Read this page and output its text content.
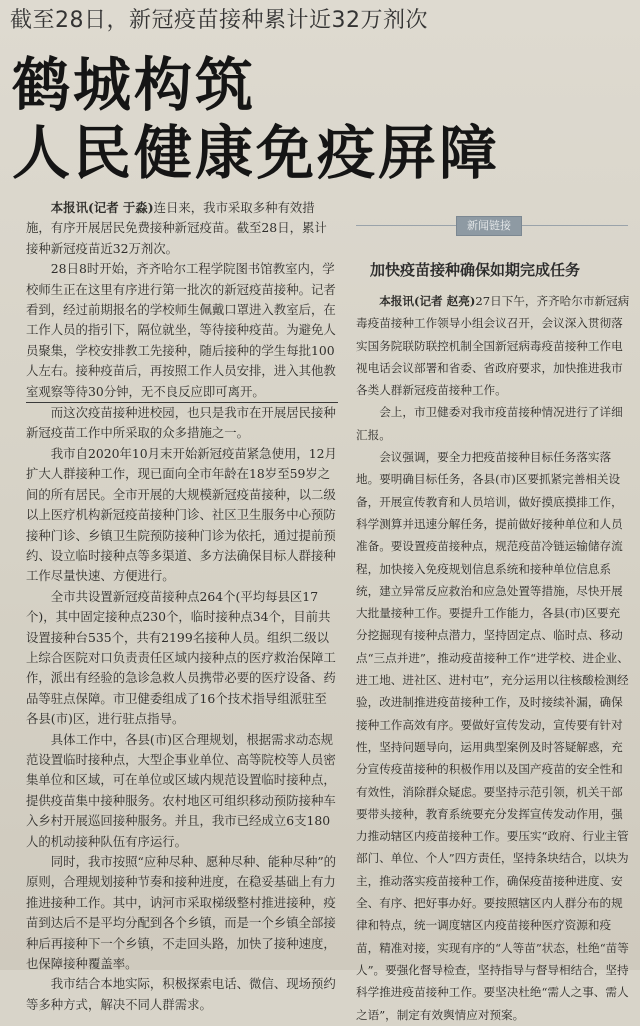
截至28日，新冠疫苗接种累计近32万剂次
鹤城构筑
人民健康免疫屏障

本报讯(记者 于淼)连日来，我市采取多种有效措施，有序开展居民免费接种新冠疫苗。截至28日，累计接种新冠疫苗近32万剂次。

28日8时开始，齐齐哈尔工程学院图书馆教室内，学校师生正在这里有序进行第一批次的新冠疫苗接种。记者看到，经过前期报名的学校师生佩戴口罩进入教室后，在工作人员的指引下，隔位就坐，等待接种疫苗。为避免人员聚集，学校安排教工先接种，随后接种的学生每批100人左右。接种疫苗后，再按照工作人员安排，进入其他教室观察等待30分钟，无不良反应即可离开。

而这次疫苗接种进校园，也只是我市在开展居民接种新冠疫苗工作中所采取的众多措施之一。

我市自2020年10月末开始新冠疫苗紧急使用，12月扩大人群接种工作，现已面向全市年龄在18岁至59岁之间的所有居民。全市开展的大规模新冠疫苗接种，以二级以上医疗机构新冠疫苗接种门诊、社区卫生服务中心预防接种门诊、乡镇卫生院预防接种门诊为依托，通过提前预约、设立临时接种点等多渠道、多方法确保目标人群接种工作尽量快速、方便进行。

全市共设置新冠疫苗接种点264个(平均每县区17个)，其中固定接种点230个，临时接种点34个，目前共设置接种台535个，共有2199名接种人员。组织二级以上综合医院对口负责责任区域内接种点的医疗救治保障工作，派出有经验的急诊急救人员携带必要的医疗设备、药品等驻点保障。市卫健委组成了16个技术指导组派驻至各县(市)区，进行驻点指导。

具体工作中，各县(市)区合理规划，根据需求动态规范设置临时接种点，大型企事业单位、高等院校等人员密集单位和区域，可在单位或区域内规范设置临时接种点，提供疫苗集中接种服务。农村地区可组织移动预防接种车入乡村开展巡回接种服务。并且，我市已经成立6支180人的机动接种队伍有序运行。

同时，我市按照“应种尽种、愿种尽种、能种尽种”的原则，合理规划接种节奏和接种进度，在稳妥基础上有力推进接种工作。其中，讷河市采取梯级整村推进接种，疫苗到达后不是平均分配到各个乡镇，而是一个乡镇全部接种后再接种下一个乡镇，不走回头路，加快了接种速度，也保障接种覆盖率。

我市结合本地实际，积极探索电话、微信、现场预约等多种方式，解决不同人群需求。

新闻链接
加快疫苗接种确保如期完成任务

本报讯(记者 赵亮)27日下午，齐齐哈尔市新冠病毒疫苗接种工作领导小组会议召开，会议深入贯彻落实国务院联防联控机制全国新冠病毒疫苗接种工作电视电话会议部署和省委、省政府要求，加快推进我市各类人群新冠疫苗接种工作。

会上，市卫健委对我市疫苗接种情况进行了详细汇报。

会议强调，要全力把疫苗接种目标任务落实落地。要明确目标任务，各县(市)区要抓紧完善相关设备，开展宣传教育和人员培训，做好摸底摸排工作，科学测算并迅速分解任务，提前做好接种单位和人员准备。要设置疫苗接种点，规范疫苗冷链运输储存流程，加快接入免疫规划信息系统和接种单位信息系统，建立异常反应救治和应急处置等措施，尽快开展大批量接种工作。要提升工作能力，各县(市)区要充分挖掘现有接种点潜力，坚持固定点、临时点、移动点“三点并进”，推动疫苗接种工作“进学校、进企业、进工地、进社区、进村屯”，充分运用以往核酸检测经验，改进制推进疫苗接种工作，及时接续补漏，确保接种工作高效有序。要做好宣传发动，宣传要有针对性，坚持问题导向，运用典型案例及时答疑解惑，充分宣传疫苗接种的积极作用以及国产疫苗的安全性和有效性，消除群众疑虑。要坚持示范引领，机关干部要带头接种，教育系统要充分发挥宣传发动作用，强力推动辖区内疫苗接种工作。要压实“政府、行业主管部门、单位、个人”四方责任，坚持条块结合，以块为主，推动落实疫苗接种工作，确保疫苗接种进度、安全、有序、把好事办好。要按照辖区内人群分布的规律和特点，统一调度辖区内疫苗接种医疗资源和疫苗，精准对接，实现有序的“人等苗”状态，杜绝“苗等人”。要强化督导检查，坚持指导与督导相结合，坚持科学推进疫苗接种工作。要坚决杜绝“需人之事、需人之语”，制定有效舆情应对预案。
